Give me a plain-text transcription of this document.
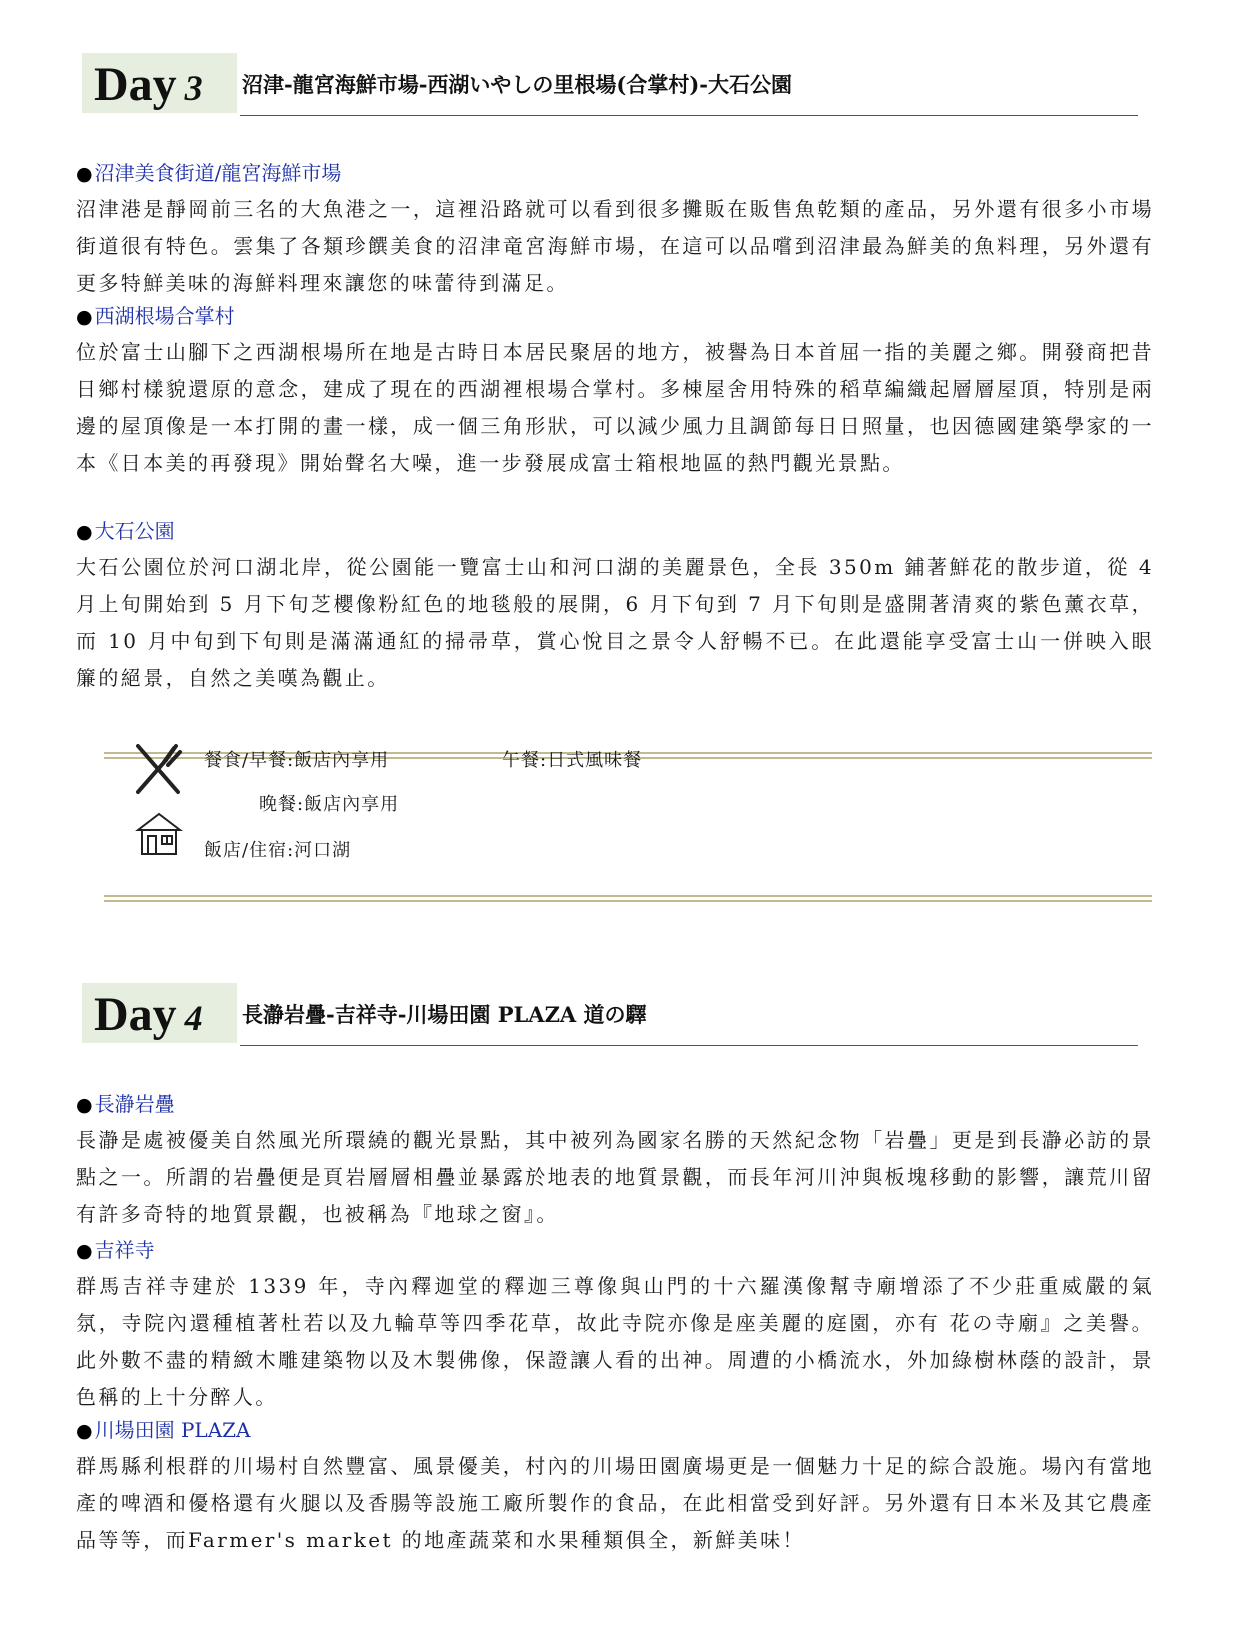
Day 3 沼津-龍宮海鮮市場-西湖いやしの里根場(合掌村)-大石公園
● 沼津美食街道/龍宮海鮮市場

沼津港是靜岡前三名的大魚港之一，這裡沿路就可以看到很多攤販在販售魚乾類的產品，另外還有很多小市場街道很有特色。雲集了各類珍饌美食的沼津竜宮海鮮市場，在這可以品嚐到沼津最為鮮美的魚料理，另外還有更多特鮮美味的海鮮料理來讓您的味蕾待到滿足。

● 西湖根場合掌村

位於富士山腳下之西湖根場所在地是古時日本居民聚居的地方，被譽為日本首屈一指的美麗之鄉。開發商把昔日鄉村樣貌還原的意念，建成了現在的西湖裡根場合掌村。多棟屋舍用特殊的稻草編織起層層屋頂，特別是兩邊的屋頂像是一本打開的畫一樣，成一個三角形狀，可以減少風力且調節每日日照量，也因德國建築學家的一本《日本美的再發現》開始聲名大噪，進一步發展成富士箱根地區的熱門觀光景點。

● 大石公園

大石公園位於河口湖北岸，從公園能一覽富士山和河口湖的美麗景色，全長 350m 鋪著鮮花的散步道，從 4 月上旬開始到 5 月下旬芝櫻像粉紅色的地毯般的展開，6 月下旬到 7 月下旬則是盛開著清爽的紫色薰衣草，而 10 月中旬到下旬則是滿滿通紅的掃帚草，賞心悅目之景令人舒暢不已。在此還能享受富士山一併映入眼簾的絕景，自然之美嘆為觀止。

餐食/早餐:飯店內享用	午餐:日式風味餐
晚餐:飯店內享用
飯店/住宿:河口湖
Day 4 長瀞岩疊-吉祥寺-川場田園 PLAZA 道の驛
● 長瀞岩疊

長瀞是處被優美自然風光所環繞的觀光景點，其中被列為國家名勝的天然紀念物「岩疊」更是到長瀞必訪的景點之一。所謂的岩疊便是頁岩層層相疊並暴露於地表的地質景觀，而長年河川沖與板塊移動的影響，讓荒川留有許多奇特的地質景觀，也被稱為『地球之窗』。

● 吉祥寺

群馬吉祥寺建於 1339 年，寺內釋迦堂的釋迦三尊像與山門的十六羅漢像幫寺廟增添了不少莊重威嚴的氣氛，寺院內還種植著杜若以及九輪草等四季花草，故此寺院亦像是座美麗的庭園，亦有 花の寺廟』之美譽。此外數不盡的精緻木雕建築物以及木製佛像，保證讓人看的出神。周遭的小橋流水，外加綠樹林蔭的設計，景色稱的上十分醉人。

● 川場田園 PLAZA

群馬縣利根群的川場村自然豐富、風景優美，村內的川場田園廣場更是一個魅力十足的綜合設施。場內有當地產的啤酒和優格還有火腿以及香腸等設施工廠所製作的食品，在此相當受到好評。另外還有日本米及其它農產品等等，而Farmer's market 的地產蔬菜和水果種類俱全，新鮮美味！
